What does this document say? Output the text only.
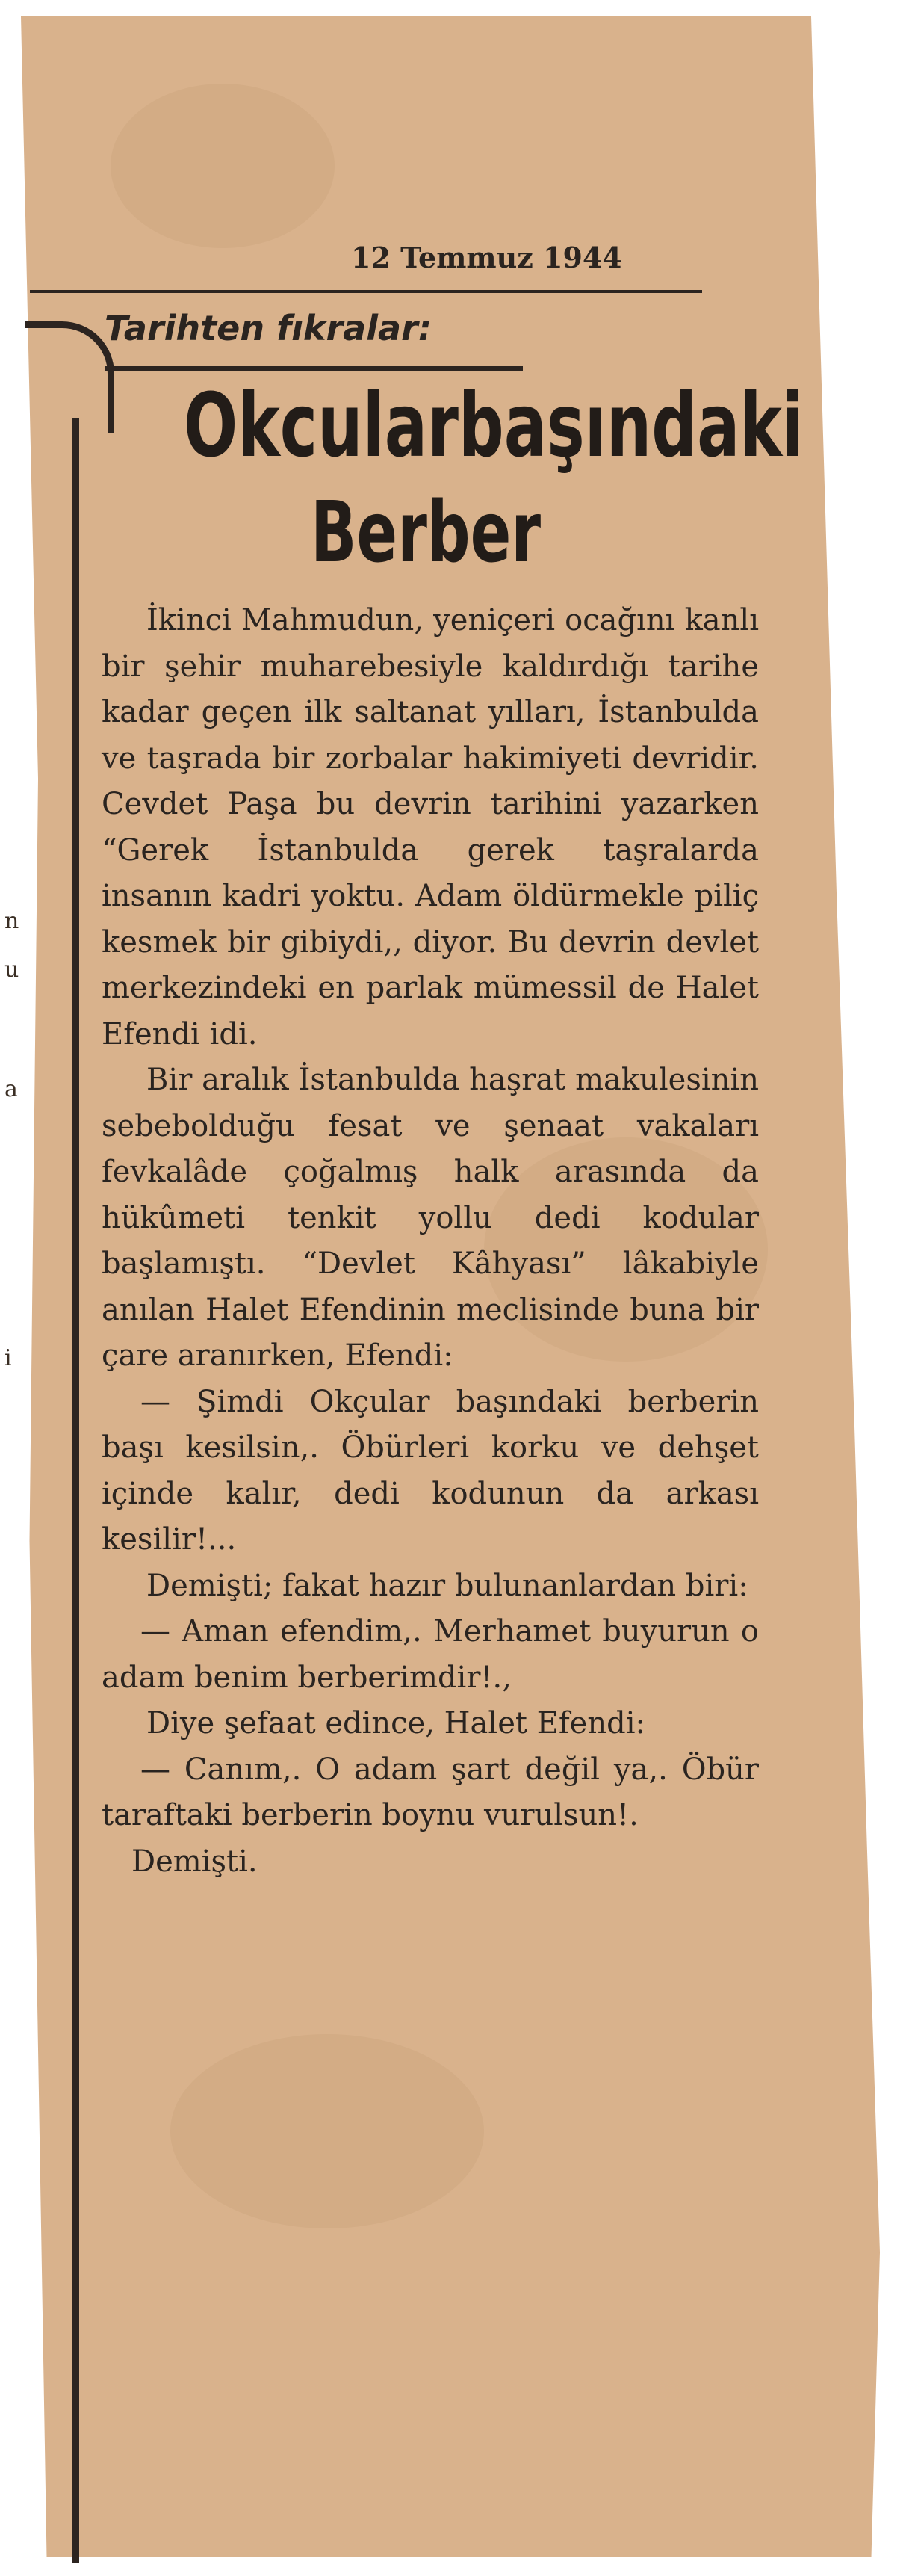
12 Temmuz 1944
Tarihten fıkralar:
Okcularbaşındaki
Berber
n
u
a
i

İkinci Mahmudun, yeniçeri ocağını kanlı bir şehir muharebesiyle kaldırdığı tarihe kadar geçen ilk saltanat yılları, İstanbulda ve taşrada bir zorbalar hakimiyeti devridir. Cevdet Paşa bu devrin tarihini yazarken “Gerek İstanbulda gerek taşralarda insanın kadri yoktu. Adam öldürmekle piliç kesmek bir gibiydi,, diyor. Bu devrin devlet merkezindeki en parlak mümessil de Halet Efendi idi.

Bir aralık İstanbulda haşrat makulesinin sebebolduğu fesat ve şenaat vakaları fevkalâde çoğalmış halk arasında da hükûmeti tenkit yollu dedi kodular başlamıştı. “Devlet Kâhyası” lâkabiyle anılan Halet Efendinin meclisinde buna bir çare aranırken, Efendi:

— Şimdi Okçular başındaki berberin başı kesilsin,. Öbürleri korku ve dehşet içinde kalır, dedi kodunun da arkası kesilir!...

Demişti; fakat hazır bulunanlardan biri:

— Aman efendim,. Merhamet buyurun o adam benim berberimdir!.,

Diye şefaat edince, Halet Efendi:

— Canım,. O adam şart değil ya,. Öbür taraftaki berberin boynu vurulsun!.

Demişti.
